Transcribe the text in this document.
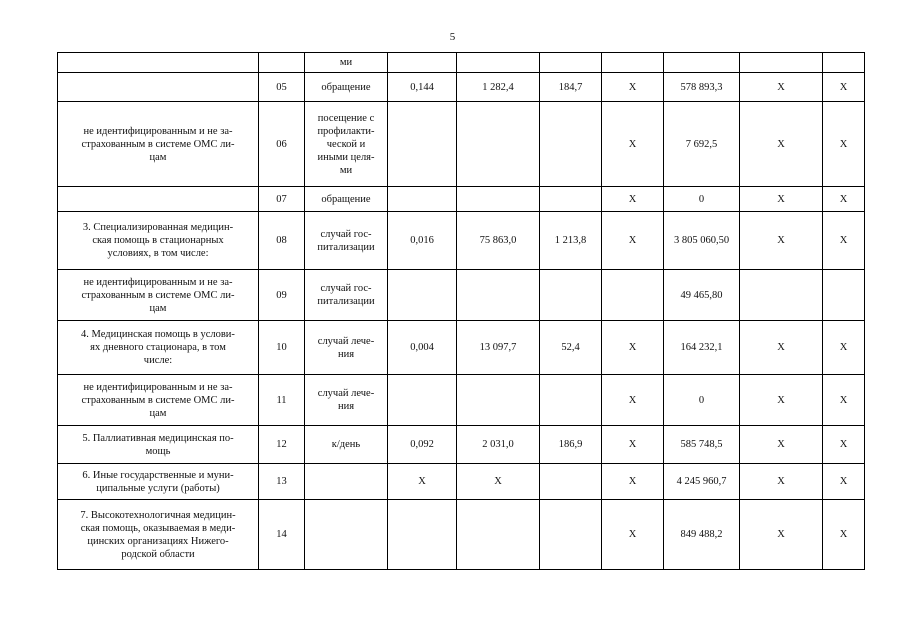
5
		ми							
	05	обращение	0,144	1 282,4	184,7	X	578 893,3	X	X
не идентифицированным и не за-
страхованным в системе ОМС ли-
цам	06	посещение с
профилакти-
ческой и
иными целя-
ми				X	7 692,5	X	X
	07	обращение				X	0	X	X
3. Специализированная медицин-
ская помощь в стационарных
условиях, в том числе:	08	случай гос-
питализации	0,016	75 863,0	1 213,8	X	3 805 060,50	X	X
не идентифицированным и не за-
страхованным в системе ОМС ли-
цам	09	случай гос-
питализации					49 465,80		
4. Медицинская помощь в услови-
ях дневного стационара, в том
числе:	10	случай лече-
ния	0,004	13 097,7	52,4	X	164 232,1	X	X
не идентифицированным и не за-
страхованным в системе ОМС ли-
цам	11	случай лече-
ния				X	0	X	X
5. Паллиативная медицинская по-
мощь	12	к/день	0,092	2 031,0	186,9	X	585 748,5	X	X
6. Иные государственные и муни-
ципальные услуги (работы)	13		X	X		X	4 245 960,7	X	X
7. Высокотехнологичная медицин-
ская помощь, оказываемая в меди-
цинских организациях Нижего-
родской области	14					X	849 488,2	X	X
